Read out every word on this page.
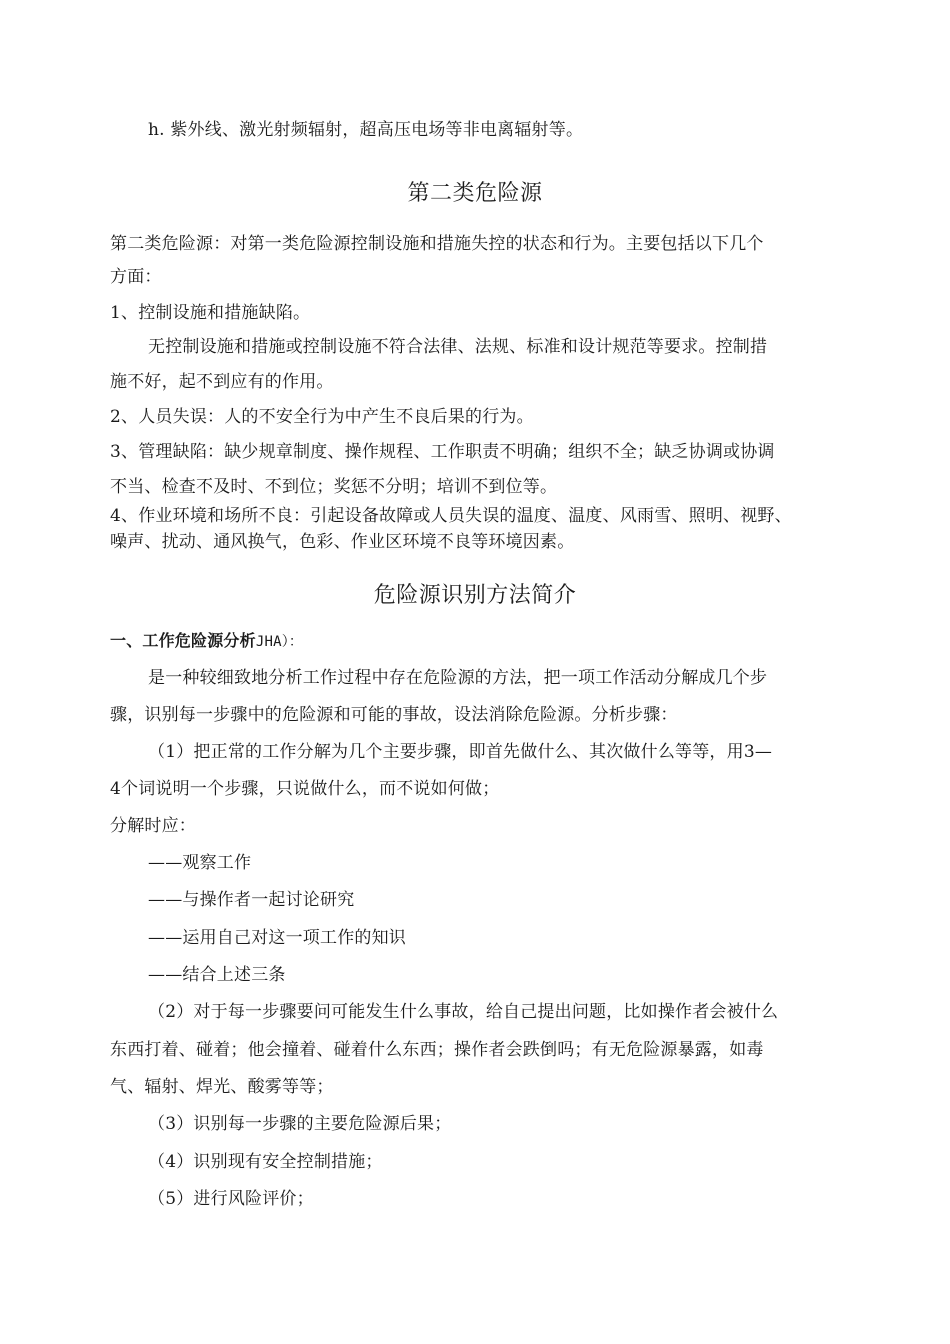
h. 紫外线、激光射频辐射，超高压电场等非电离辐射等。
第二类危险源
第二类危险源：对第一类危险源控制设施和措施失控的状态和行为。主要包括以下几个
方面：
1、控制设施和措施缺陷。
无控制设施和措施或控制设施不符合法律、法规、标准和设计规范等要求。控制措
施不好，起不到应有的作用。
2、人员失误：人的不安全行为中产生不良后果的行为。
3、管理缺陷：缺少规章制度、操作规程、工作职责不明确；组织不全；缺乏协调或协调
不当、检查不及时、不到位；奖惩不分明；培训不到位等。
4、作业环境和场所不良：引起设备故障或人员失误的温度、温度、风雨雪、照明、视野、
噪声、扰动、通风换气，色彩、作业区环境不良等环境因素。
危险源识别方法简介
一、工作危险源分析JHA）：
是一种较细致地分析工作过程中存在危险源的方法，把一项工作活动分解成几个步
骤，识别每一步骤中的危险源和可能的事故，设法消除危险源。分析步骤：
（1）把正常的工作分解为几个主要步骤，即首先做什么、其次做什么等等，用3—
4个词说明一个步骤，只说做什么，而不说如何做；
分解时应：
——观察工作
——与操作者一起讨论研究
——运用自己对这一项工作的知识
——结合上述三条
（2）对于每一步骤要问可能发生什么事故，给自己提出问题，比如操作者会被什么
东西打着、碰着；他会撞着、碰着什么东西；操作者会跌倒吗；有无危险源暴露，如毒
气、辐射、焊光、酸雾等等；
（3）识别每一步骤的主要危险源后果；
（4）识别现有安全控制措施；
（5）进行风险评价；
